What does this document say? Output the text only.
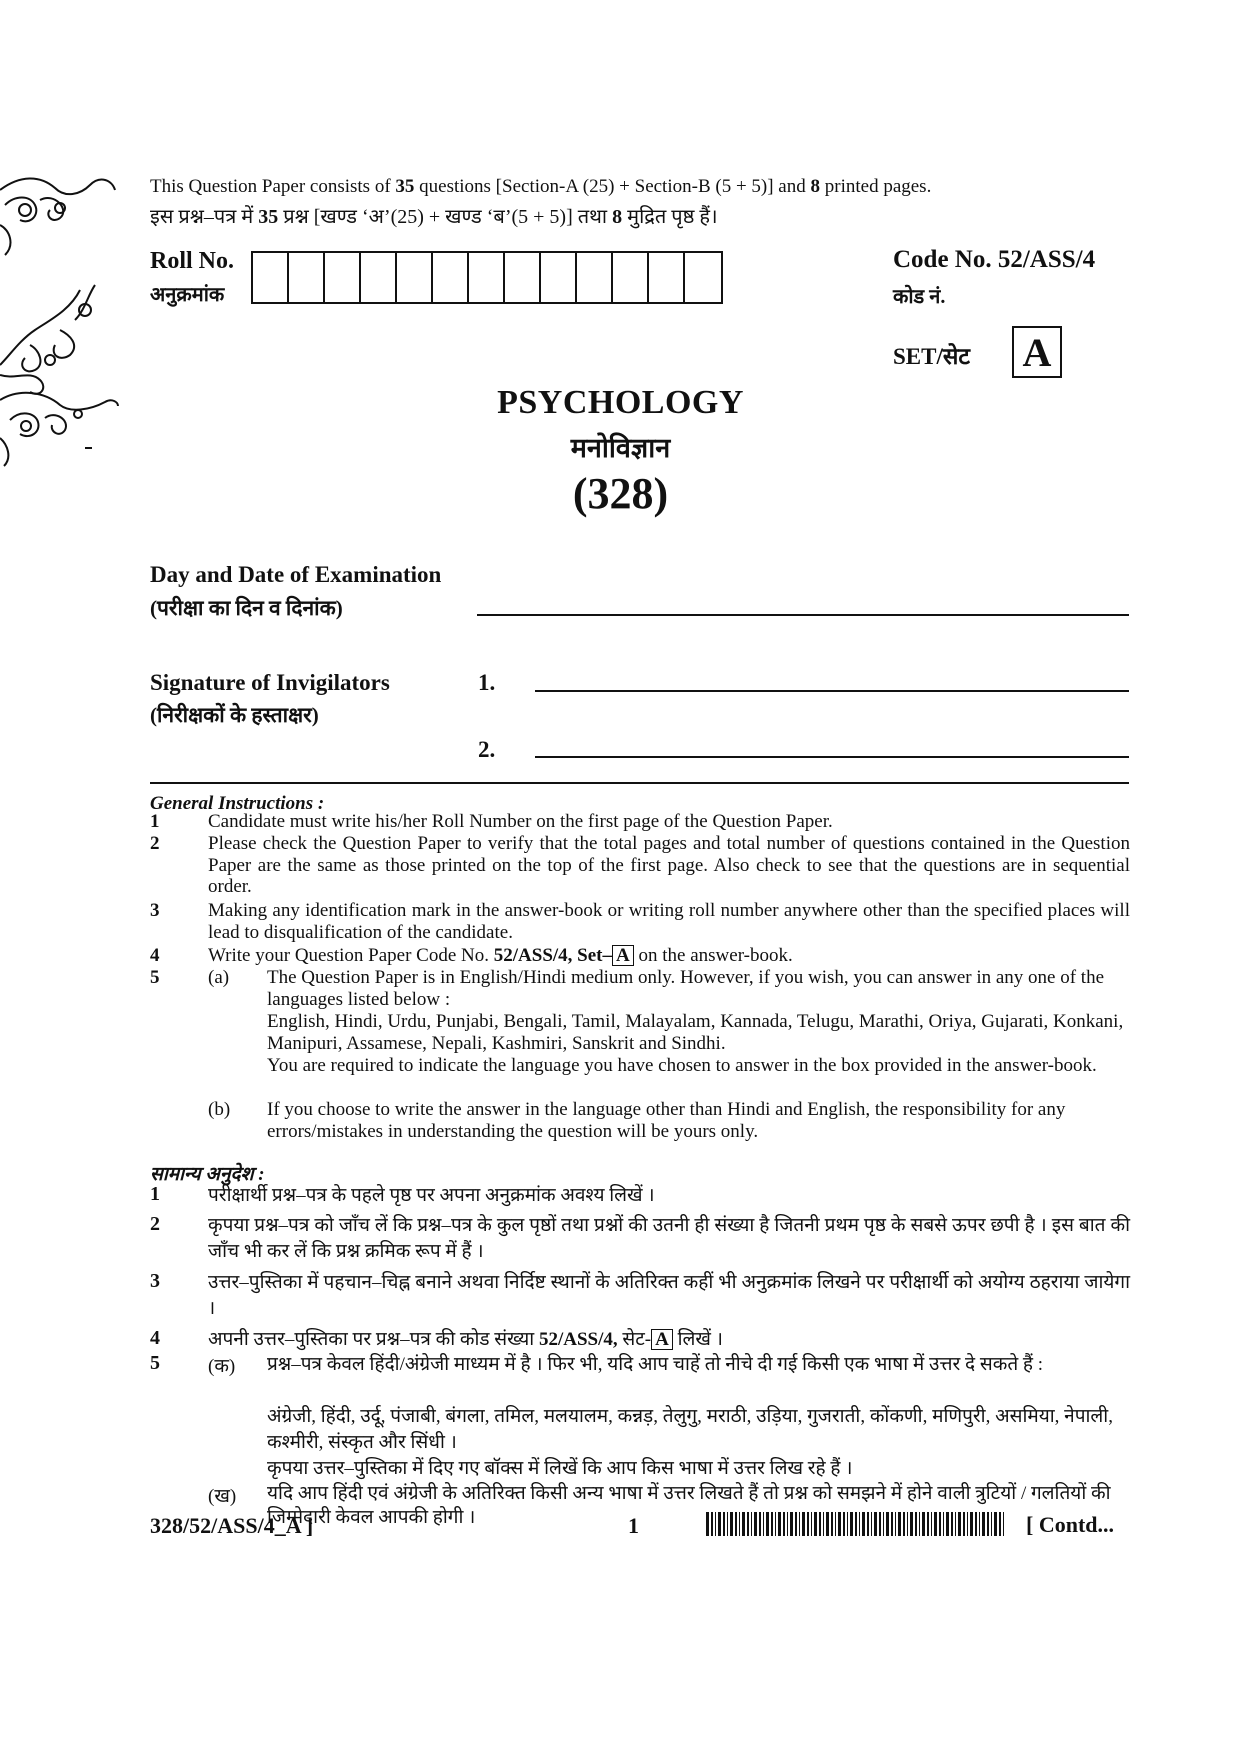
This Question Paper consists of 35 questions [Section-A (25) + Section-B (5 + 5)] and 8 printed pages.
इस प्रश्न–पत्र में 35 प्रश्न [खण्ड ‘अ’(25) + खण्ड ‘ब’(5 + 5)] तथा 8 मुद्रित पृष्ठ हैं।
Roll No.
अनुक्रमांक
Code No. 52/ASS/4
कोड नं.
SET/सेट A
PSYCHOLOGY
मनोविज्ञान
(328)
Day and Date of Examination
(परीक्षा का दिन व दिनांक)
Signature of Invigilators
(निरीक्षकों के हस्ताक्षर)
1.
2.
General Instructions :
1	Candidate must write his/her Roll Number on the first page of the Question Paper.
2	Please check the Question Paper to verify that the total pages and total number of questions contained in the Question Paper are the same as those printed on the top of the first page. Also check to see that the questions are in sequential order.
3	Making any identification mark in the answer-book or writing roll number anywhere other than the specified places will lead to disqualification of the candidate.
4	Write your Question Paper Code No. 52/ASS/4, Set– A on the answer-book.
5	(a) The Question Paper is in English/Hindi medium only. However, if you wish, you can answer in any one of the languages listed below :
English, Hindi, Urdu, Punjabi, Bengali, Tamil, Malayalam, Kannada, Telugu, Marathi, Oriya, Gujarati, Konkani, Manipuri, Assamese, Nepali, Kashmiri, Sanskrit and Sindhi.
You are required to indicate the language you have chosen to answer in the box provided in the answer-book.
(b) If you choose to write the answer in the language other than Hindi and English, the responsibility for any errors/mistakes in understanding the question will be yours only.
सामान्य अनुदेश :
1	परीक्षार्थी प्रश्न–पत्र के पहले पृष्ठ पर अपना अनुक्रमांक अवश्य लिखें ।
2	कृपया प्रश्न–पत्र को जाँच लें कि प्रश्न–पत्र के कुल पृष्ठों तथा प्रश्नों की उतनी ही संख्या है जितनी प्रथम पृष्ठ के सबसे ऊपर छपी है । इस बात की जाँच भी कर लें कि प्रश्न क्रमिक रूप में हैं ।
3	उत्तर–पुस्तिका में पहचान–चिह्न बनाने अथवा निर्दिष्ट स्थानों के अतिरिक्त कहीं भी अनुक्रमांक लिखने पर परीक्षार्थी को अयोग्य ठहराया जायेगा ।
4	अपनी उत्तर–पुस्तिका पर प्रश्न–पत्र की कोड संख्या 52/ASS/4, सेट- A लिखें ।
5	(क) प्रश्न–पत्र केवल हिंदी/अंग्रेजी माध्यम में है । फिर भी, यदि आप चाहें तो नीचे दी गई किसी एक भाषा में उत्तर दे सकते हैं :
अंग्रेजी, हिंदी, उर्दू, पंजाबी, बंगला, तमिल, मलयालम, कन्नड़, तेलुगु, मराठी, उड़िया, गुजराती, कोंकणी, मणिपुरी, असमिया, नेपाली, कश्मीरी, संस्कृत और सिंधी ।
कृपया उत्तर–पुस्तिका में दिए गए बॉक्स में लिखें कि आप किस भाषा में उत्तर लिख रहे हैं ।
328/52/ASS/4_A ]	1	[ Contd...
(ख) यदि आप हिंदी एवं अंग्रेजी के अतिरिक्त किसी अन्य भाषा में उत्तर लिखते हैं तो प्रश्न को समझने में होने वाली त्रुटियों / गलतियों की जिम्मेदारी केवल आपकी होगी ।
